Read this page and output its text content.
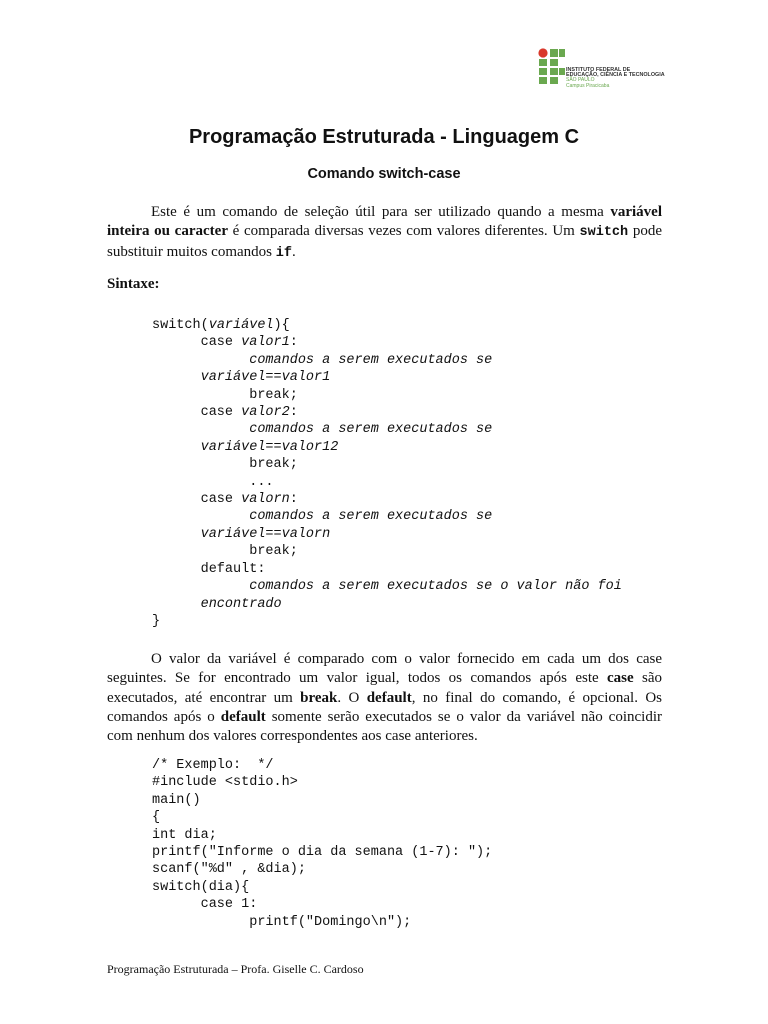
INSTITUTO FEDERAL DE
EDUCAÇÃO, CIÊNCIA E TECNOLOGIA
SÃO PAULO
Campus Piracicaba
Programação Estruturada - Linguagem C
Comando switch-case

Este é um comando de seleção útil para ser utilizado quando a mesma variável inteira ou caracter é comparada diversas vezes com valores diferentes. Um switch pode substituir muitos comandos if.

Sintaxe:

switch(variável){
case valor1:
comandos a serem executados se
variável==valor1
break;
case valor2:
comandos a serem executados se
variável==valor12
break;
...
case valorn:
comandos a serem executados se
variável==valorn
break;
default:
comandos a serem executados se o valor não foi
encontrado
}

O valor da variável é comparado com o valor fornecido em cada um dos case seguintes. Se for encontrado um valor igual, todos os comandos após este case são executados, até encontrar um break. O default, no final do comando, é opcional. Os comandos após o default somente serão executados se o valor da variável não coincidir com nenhum dos valores correspondentes aos case anteriores.

/* Exemplo:  */
#include <stdio.h>
main()
{
int dia;
printf("Informe o dia da semana (1-7): ");
scanf("%d" , &dia);
switch(dia){
case 1:
printf("Domingo\n");

Programação Estruturada – Profa. Giselle C. Cardoso
